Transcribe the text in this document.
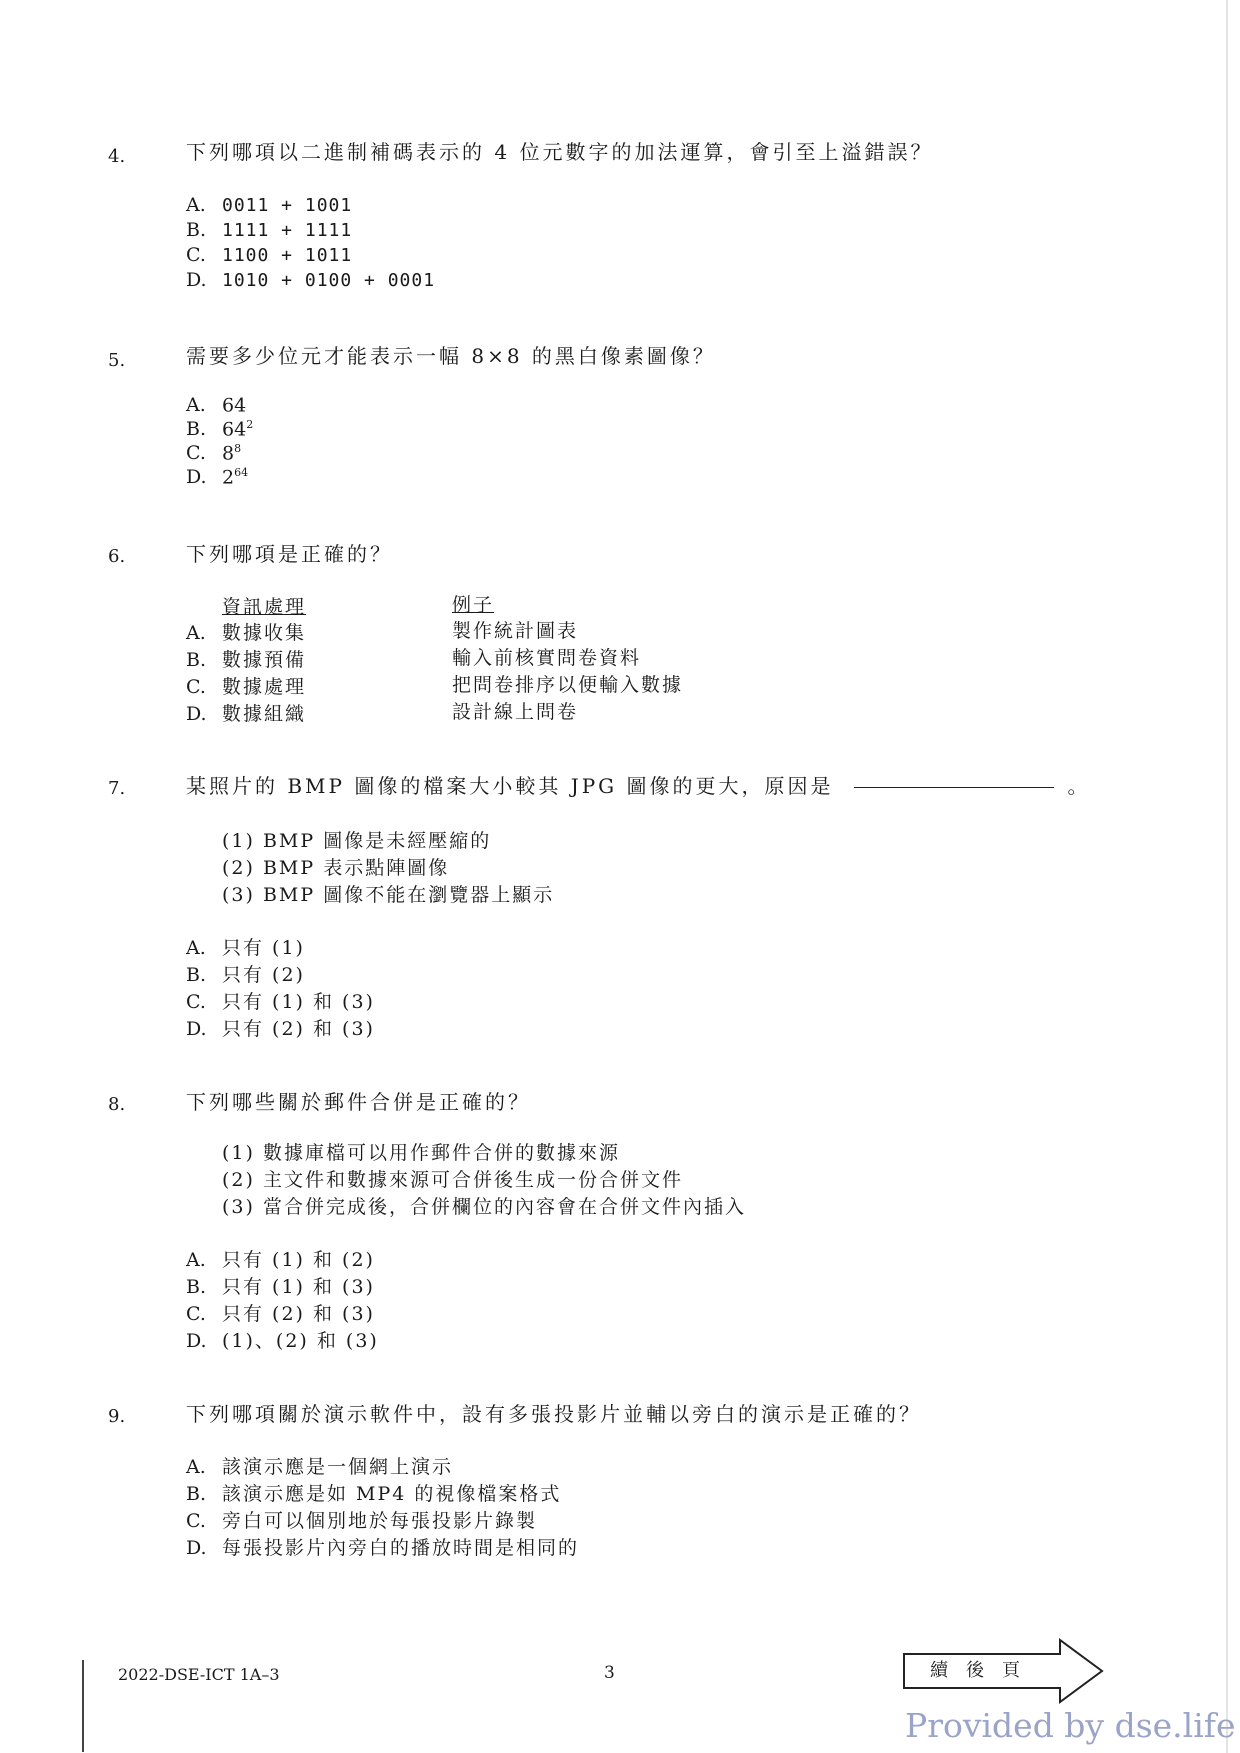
4.	下列哪項以二進制補碼表示的 4 位元數字的加法運算，會引至上溢錯誤？
A. 0011 + 1001
B. 1111 + 1111
C. 1100 + 1011
D. 1010 + 0100 + 0001
5.	需要多少位元才能表示一幅 8×8 的黑白像素圖像？
A. 64
B. $64^2$
C. $8^8$
D. $2^{64}$
6.	下列哪項是正確的？
資訊處理	例子
A. 數據收集	製作統計圖表
B. 數據預備	輸入前核實問卷資料
C. 數據處理	把問卷排序以便輸入數據
D. 數據組織	設計線上問卷
7.	某照片的 BMP 圖像的檔案大小較其 JPG 圖像的更大，原因是	。
(1) BMP 圖像是未經壓縮的
(2) BMP 表示點陣圖像
(3) BMP 圖像不能在瀏覽器上顯示
A. 只有 (1)
B. 只有 (2)
C. 只有 (1) 和 (3)
D. 只有 (2) 和 (3)
8.	下列哪些關於郵件合併是正確的？
(1) 數據庫檔可以用作郵件合併的數據來源
(2) 主文件和數據來源可合併後生成一份合併文件
(3) 當合併完成後，合併欄位的內容會在合併文件內插入
A. 只有 (1) 和 (2)
B. 只有 (1) 和 (3)
C. 只有 (2) 和 (3)
D. (1)、(2) 和 (3)
9.	下列哪項關於演示軟件中，設有多張投影片並輔以旁白的演示是正確的？
A. 該演示應是一個網上演示
B. 該演示應是如 MP4 的視像檔案格式
C. 旁白可以個別地於每張投影片錄製
D. 每張投影片內旁白的播放時間是相同的
2022-DSE-ICT 1A–3	3	續後頁
Provided by dse.life
